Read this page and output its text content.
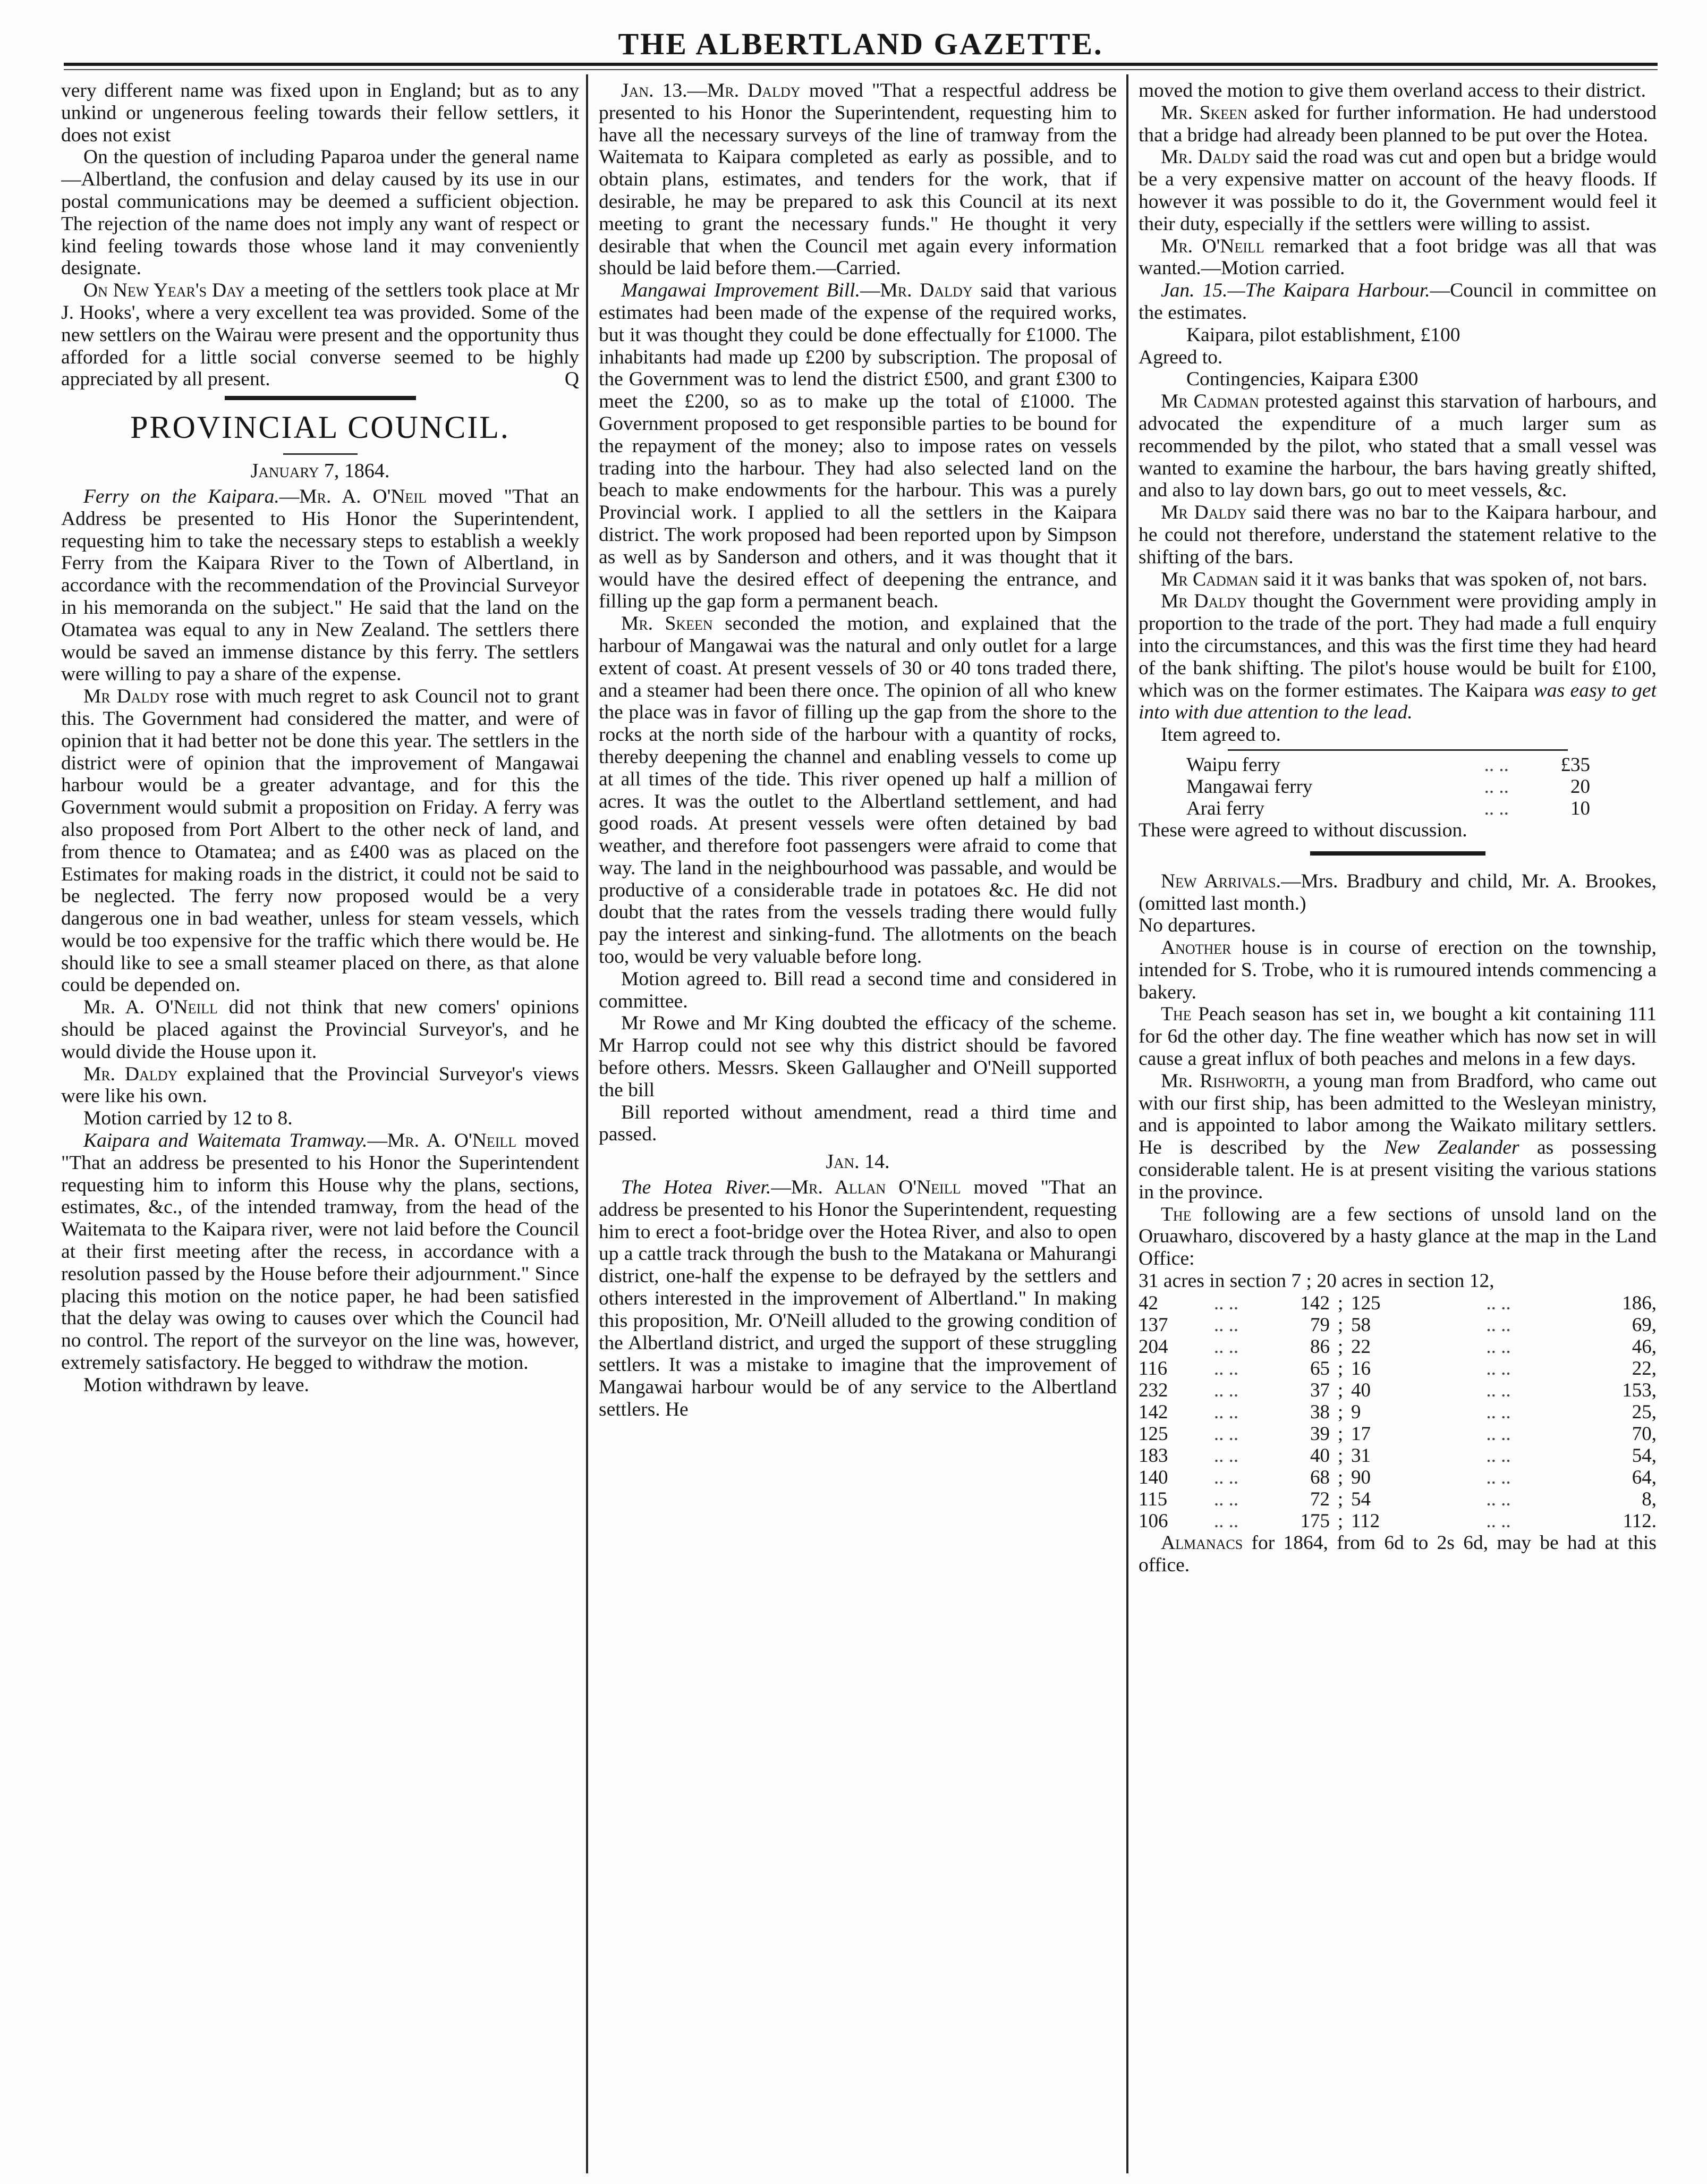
THE ALBERTLAND GAZETTE.

very different name was fixed upon in England; but as to any unkind or ungenerous feeling towards their fellow settlers, it does not exist

On the question of including Paparoa under the general name—Albertland, the confusion and delay caused by its use in our postal communications may be deemed a sufficient objection. The rejection of the name does not imply any want of respect or kind feeling towards those whose land it may conveniently designate.

On New Year's Day a meeting of the settlers took place at Mr J. Hooks', where a very excellent tea was provided. Some of the new settlers on the Wairau were present and the opportunity thus afforded for a little social converse seemed to be highly appreciated by all present.	Q

PROVINCIAL COUNCIL.
January 7, 1864.

Ferry on the Kaipara.—Mr. A. O'Neil moved "That an Address be presented to His Honor the Superintendent, requesting him to take the necessary steps to establish a weekly Ferry from the Kaipara River to the Town of Albertland, in accordance with the recommendation of the Provincial Surveyor in his memoranda on the subject." He said that the land on the Otamatea was equal to any in New Zealand. The settlers there would be saved an immense distance by this ferry. The settlers were willing to pay a share of the expense.

Mr Daldy rose with much regret to ask Council not to grant this. The Government had considered the matter, and were of opinion that it had better not be done this year. The settlers in the district were of opinion that the improvement of Mangawai harbour would be a greater advantage, and for this the Government would submit a proposition on Friday. A ferry was also proposed from Port Albert to the other neck of land, and from thence to Otamatea; and as £400 was as placed on the Estimates for making roads in the district, it could not be said to be neglected. The ferry now proposed would be a very dangerous one in bad weather, unless for steam vessels, which would be too expensive for the traffic which there would be. He should like to see a small steamer placed on there, as that alone could be depended on.

Mr. A. O'Neill did not think that new comers' opinions should be placed against the Provincial Surveyor's, and he would divide the House upon it.

Mr. Daldy explained that the Provincial Surveyor's views were like his own.

Motion carried by 12 to 8.

Kaipara and Waitemata Tramway.—Mr. A. O'Neill moved "That an address be presented to his Honor the Superintendent requesting him to inform this House why the plans, sections, estimates, &c., of the intended tramway, from the head of the Waitemata to the Kaipara river, were not laid before the Council at their first meeting after the recess, in accordance with a resolution passed by the House before their adjournment." Since placing this motion on the notice paper, he had been satisfied that the delay was owing to causes over which the Council had no control. The report of the surveyor on the line was, however, extremely satisfactory. He begged to withdraw the motion.

Motion withdrawn by leave.

Jan. 13.—Mr. Daldy moved "That a respectful address be presented to his Honor the Superintendent, requesting him to have all the necessary surveys of the line of tramway from the Waitemata to Kaipara completed as early as possible, and to obtain plans, estimates, and tenders for the work, that if desirable, he may be prepared to ask this Council at its next meeting to grant the necessary funds." He thought it very desirable that when the Council met again every information should be laid before them.—Carried.

Mangawai Improvement Bill.—Mr. Daldy said that various estimates had been made of the expense of the required works, but it was thought they could be done effectually for £1000. The inhabitants had made up £200 by subscription. The proposal of the Government was to lend the district £500, and grant £300 to meet the £200, so as to make up the total of £1000. The Government proposed to get responsible parties to be bound for the repayment of the money; also to impose rates on vessels trading into the harbour. They had also selected land on the beach to make endowments for the harbour. This was a purely Provincial work. I applied to all the settlers in the Kaipara district. The work proposed had been reported upon by Simpson as well as by Sanderson and others, and it was thought that it would have the desired effect of deepening the entrance, and filling up the gap form a permanent beach.

Mr. Skeen seconded the motion, and explained that the harbour of Mangawai was the natural and only outlet for a large extent of coast. At present vessels of 30 or 40 tons traded there, and a steamer had been there once. The opinion of all who knew the place was in favor of filling up the gap from the shore to the rocks at the north side of the harbour with a quantity of rocks, thereby deepening the channel and enabling vessels to come up at all times of the tide. This river opened up half a million of acres. It was the outlet to the Albertland settlement, and had good roads. At present vessels were often detained by bad weather, and therefore foot passengers were afraid to come that way. The land in the neighbourhood was passable, and would be productive of a considerable trade in potatoes &c. He did not doubt that the rates from the vessels trading there would fully pay the interest and sinking-fund. The allotments on the beach too, would be very valuable before long.

Motion agreed to. Bill read a second time and considered in committee.

Mr Rowe and Mr King doubted the efficacy of the scheme. Mr Harrop could not see why this district should be favored before others. Messrs. Skeen Gallaugher and O'Neill supported the bill

Bill reported without amendment, read a third time and passed.

Jan. 14.

The Hotea River.—Mr. Allan O'Neill moved "That an address be presented to his Honor the Superintendent, requesting him to erect a foot-bridge over the Hotea River, and also to open up a cattle track through the bush to the Matakana or Mahurangi district, one-half the expense to be defrayed by the settlers and others interested in the improvement of Albertland." In making this proposition, Mr. O'Neill alluded to the growing condition of the Albertland district, and urged the support of these struggling settlers. It was a mistake to imagine that the improvement of Mangawai harbour would be of any service to the Albertland settlers. He

moved the motion to give them overland access to their district.

Mr. Skeen asked for further information. He had understood that a bridge had already been planned to be put over the Hotea.

Mr. Daldy said the road was cut and open but a bridge would be a very expensive matter on account of the heavy floods. If however it was possible to do it, the Government would feel it their duty, especially if the settlers were willing to assist.

Mr. O'Neill remarked that a foot bridge was all that was wanted.—Motion carried.

Jan. 15.—The Kaipara Harbour.—Council in committee on the estimates.

Kaipara, pilot establishment, £100

Agreed to.

Contingencies, Kaipara £300

Mr Cadman protested against this starvation of harbours, and advocated the expenditure of a much larger sum as recommended by the pilot, who stated that a small vessel was wanted to examine the harbour, the bars having greatly shifted, and also to lay down bars, go out to meet vessels, &c.

Mr Daldy said there was no bar to the Kaipara harbour, and he could not therefore, understand the statement relative to the shifting of the bars.

Mr Cadman said it it was banks that was spoken of, not bars.

Mr Daldy thought the Government were providing amply in proportion to the trade of the port. They had made a full enquiry into the circumstances, and this was the first time they had heard of the bank shifting. The pilot's house would be built for £100, which was on the former estimates. The Kaipara was easy to get into with due attention to the lead.

Item agreed to.

Waipu ferry	.. ..	£35
Mangawai ferry	.. ..	20
Arai ferry	.. ..	10

These were agreed to without discussion.

New Arrivals.—Mrs. Bradbury and child, Mr. A. Brookes, (omitted last month.)

No departures.

Another house is in course of erection on the township, intended for S. Trobe, who it is rumoured intends commencing a bakery.

The Peach season has set in, we bought a kit containing 111 for 6d the other day. The fine weather which has now set in will cause a great influx of both peaches and melons in a few days.

Mr. Rishworth, a young man from Bradford, who came out with our first ship, has been admitted to the Wesleyan ministry, and is appointed to labor among the Waikato military settlers. He is described by the New Zealander as possessing considerable talent. He is at present visiting the various stations in the province.

The following are a few sections of unsold land on the Oruawharo, discovered by a hasty glance at the map in the Land Office:

31 acres in section 7 ; 20 acres in section 12,

42	.. ..	142	;	125	.. ..	186,
137	.. ..	79	;	58	.. ..	69,
204	.. ..	86	;	22	.. ..	46,
116	.. ..	65	;	16	.. ..	22,
232	.. ..	37	;	40	.. ..	153,
142	.. ..	38	;	9	.. ..	25,
125	.. ..	39	;	17	.. ..	70,
183	.. ..	40	;	31	.. ..	54,
140	.. ..	68	;	90	.. ..	64,
115	.. ..	72	;	54	.. ..	8,
106	.. ..	175	;	112	.. ..	112.

Almanacs for 1864, from 6d to 2s 6d, may be had at this office.
